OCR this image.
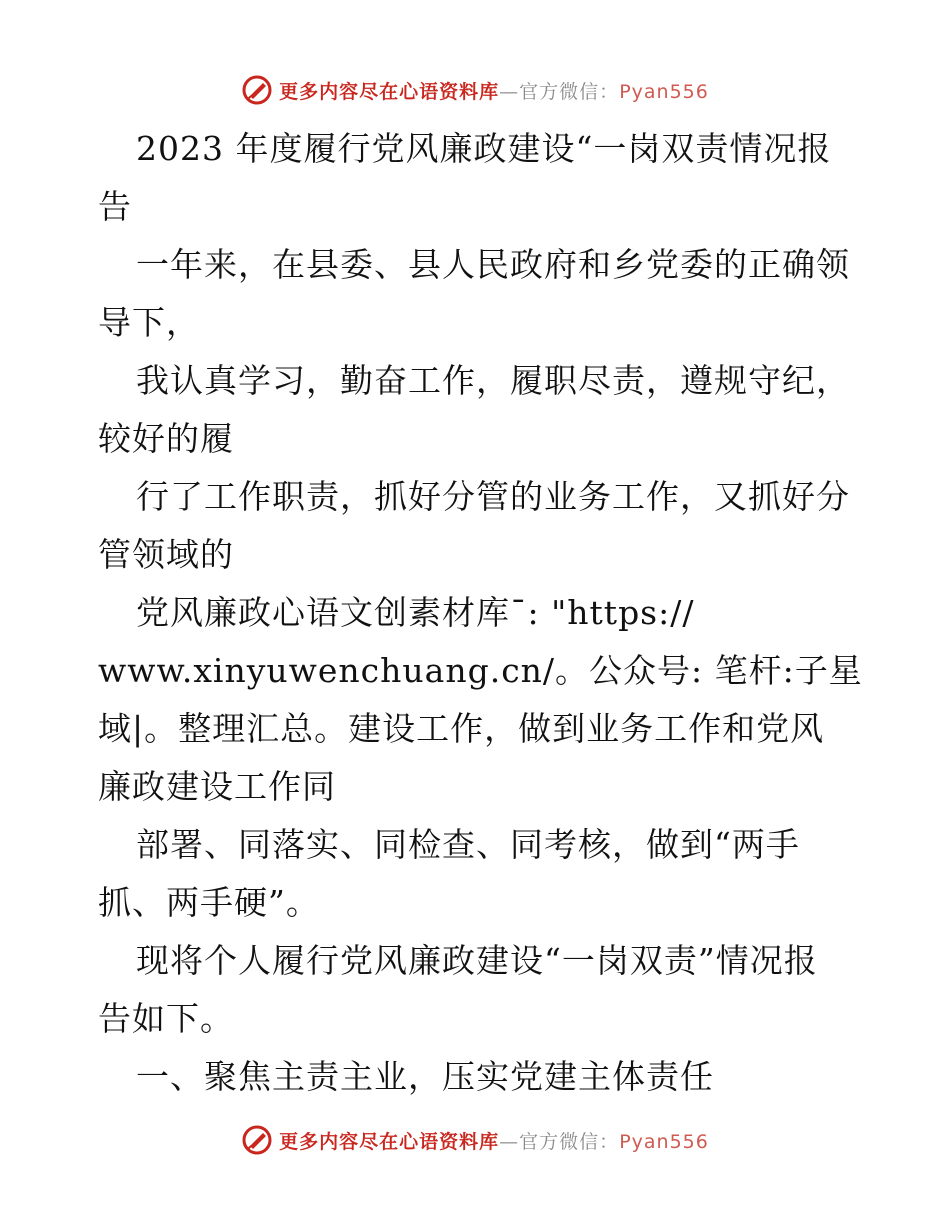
更多内容尽在心语资料库—官方微信：Pyan556
2023 年度履行党风廉政建设“一岗双责情况报
告
一年来，在县委、县人民政府和乡党委的正确领
导下，
我认真学习，勤奋工作，履职尽责，遵规守纪，
较好的履
行了工作职责，抓好分管的业务工作，又抓好分
管领域的
党风廉政心语文创素材库¯: "https://
www.xinyuwenchuang.cn/。公众号: 笔杆:子星
域|。整理汇总。建设工作，做到业务工作和党风
廉政建设工作同
部署、同落实、同检查、同考核，做到“两手
抓、两手硬”。
现将个人履行党风廉政建设“一岗双责”情况报
告如下。
一、聚焦主责主业，压实党建主体责任
更多内容尽在心语资料库—官方微信：Pyan556
